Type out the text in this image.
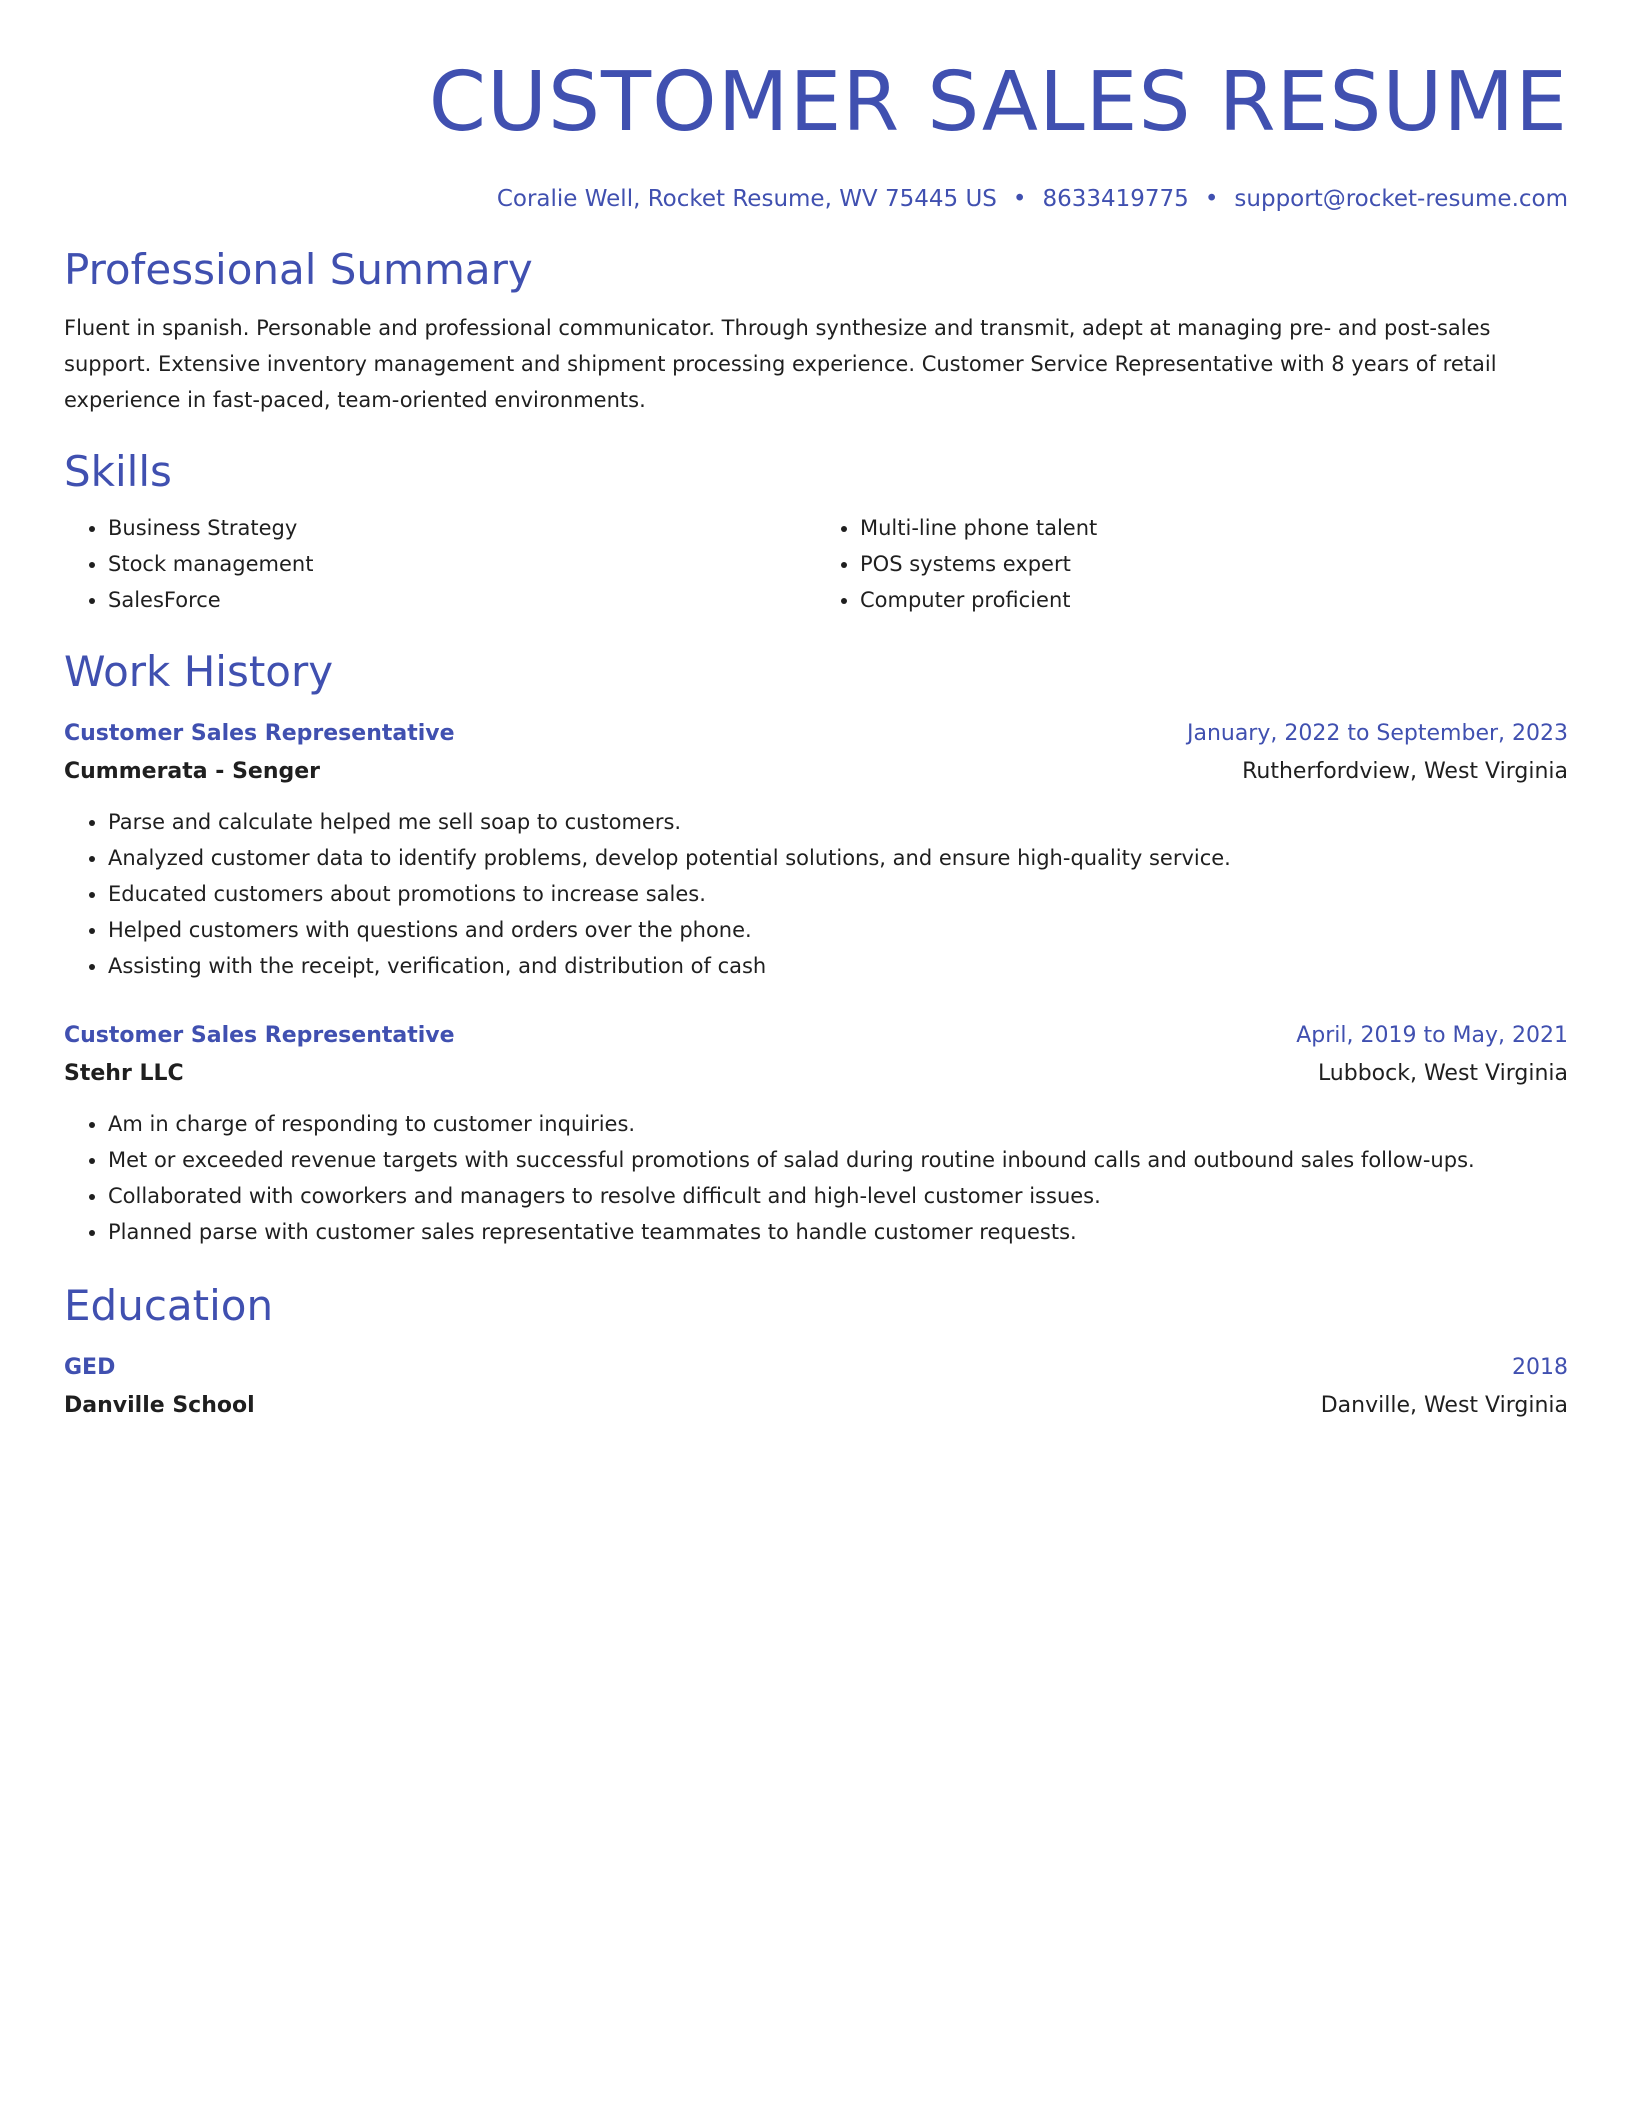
CUSTOMER SALES RESUME
Coralie Well, Rocket Resume, WV 75445 US • 8633419775 • support@rocket-resume.com
Professional Summary
Fluent in spanish. Personable and professional communicator. Through synthesize and transmit, adept at managing pre- and post-sales support. Extensive inventory management and shipment processing experience. Customer Service Representative with 8 years of retail experience in fast-paced, team-oriented environments.
Skills
• Business Strategy
• Stock management
• SalesForce
• Multi-line phone talent
• POS systems expert
• Computer proficient
Work History
Customer Sales Representative	January, 2022 to September, 2023
Cummerata - Senger	Rutherfordview, West Virginia
• Parse and calculate helped me sell soap to customers.
• Analyzed customer data to identify problems, develop potential solutions, and ensure high-quality service.
• Educated customers about promotions to increase sales.
• Helped customers with questions and orders over the phone.
• Assisting with the receipt, verification, and distribution of cash
Customer Sales Representative	April, 2019 to May, 2021
Stehr LLC	Lubbock, West Virginia
• Am in charge of responding to customer inquiries.
• Met or exceeded revenue targets with successful promotions of salad during routine inbound calls and outbound sales follow-ups.
• Collaborated with coworkers and managers to resolve difficult and high-level customer issues.
• Planned parse with customer sales representative teammates to handle customer requests.
Education
GED	2018
Danville School	Danville, West Virginia
